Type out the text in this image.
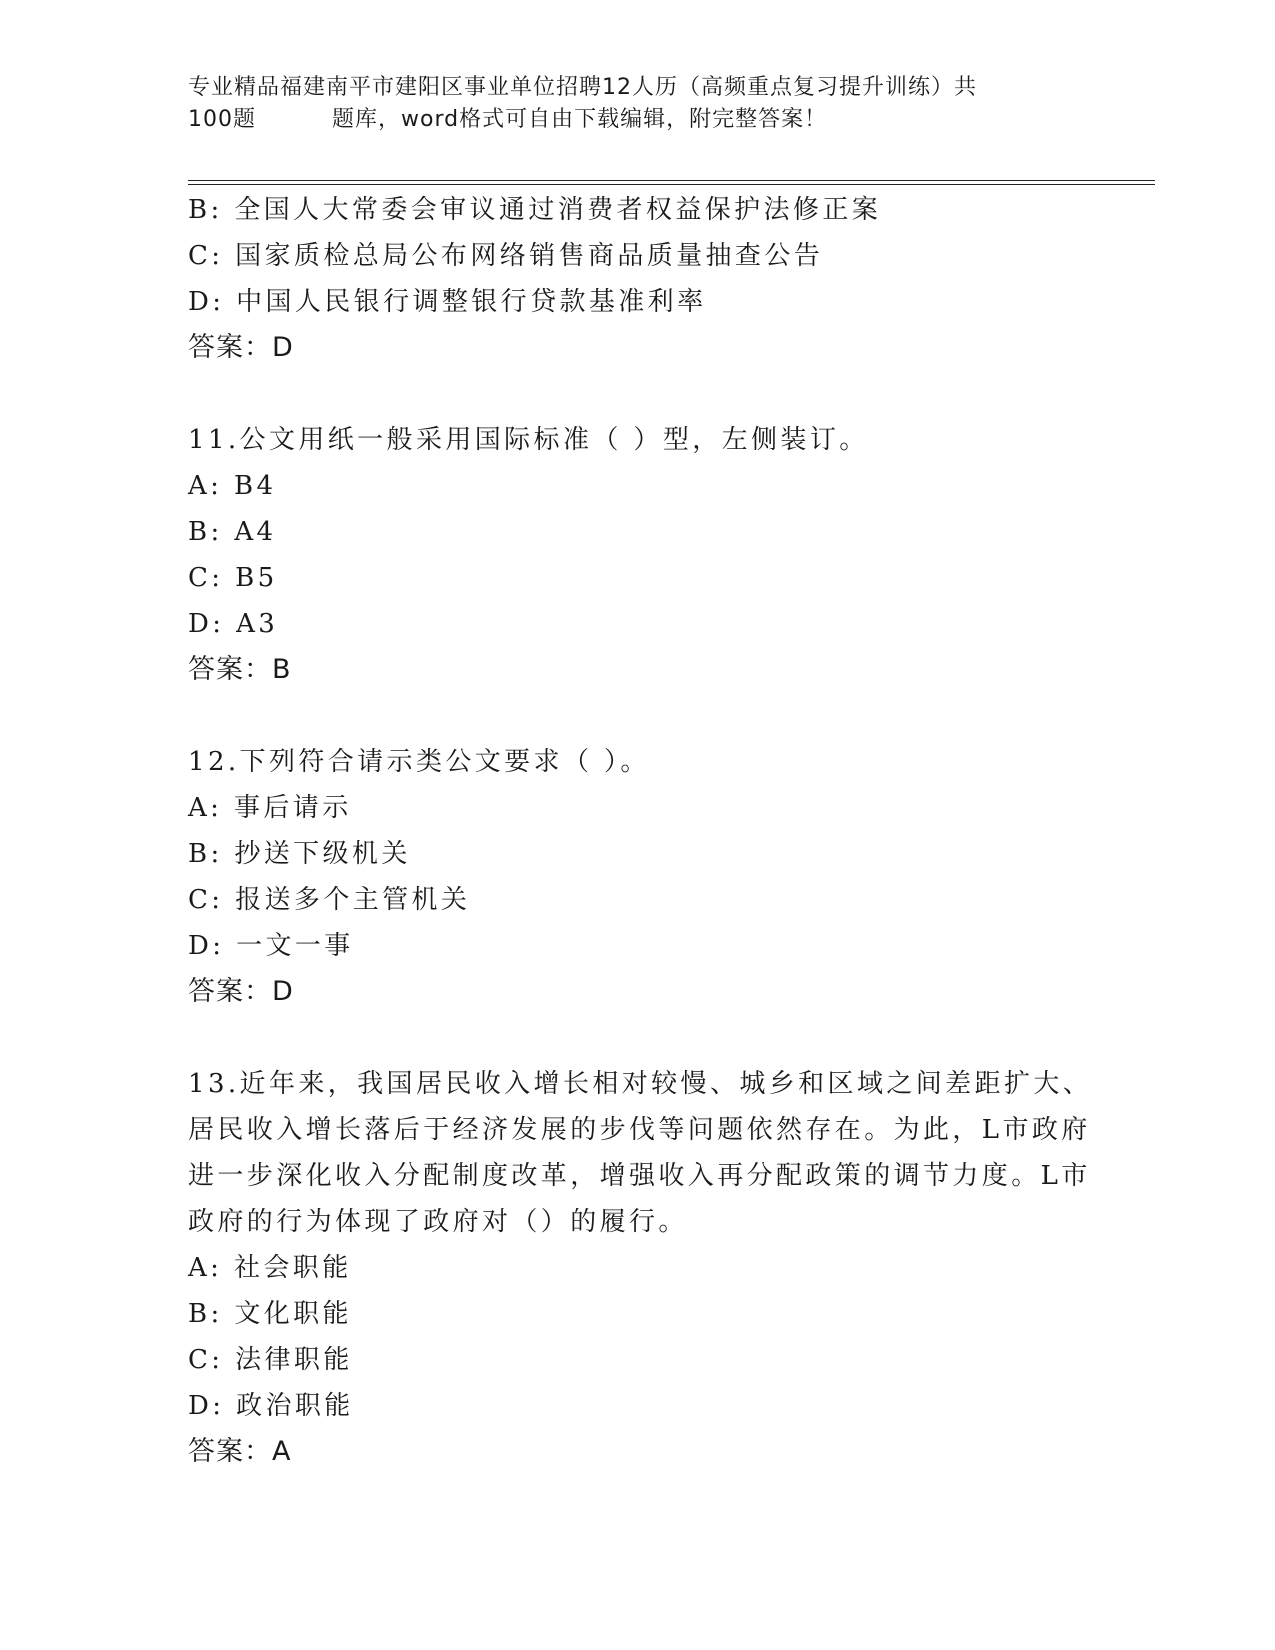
专业精品福建南平市建阳区事业单位招聘12人历（高频重点复习提升训练）共
100题	题库，word格式可自由下载编辑，附完整答案！
B: 全国人大常委会审议通过消费者权益保护法修正案
C: 国家质检总局公布网络销售商品质量抽查公告
D: 中国人民银行调整银行贷款基准利率
答案：D
11.公文用纸一般采用国际标准（ ）型，左侧装订。
A: B4
B: A4
C: B5
D: A3
答案：B
12.下列符合请示类公文要求（ ）。
A: 事后请示
B: 抄送下级机关
C: 报送多个主管机关
D: 一文一事
答案：D
13.近年来，我国居民收入增长相对较慢、城乡和区域之间差距扩大、
居民收入增长落后于经济发展的步伐等问题依然存在。为此，L市政府
进一步深化收入分配制度改革，增强收入再分配政策的调节力度。L市
政府的行为体现了政府对（）的履行。
A: 社会职能
B: 文化职能
C: 法律职能
D: 政治职能
答案：A
